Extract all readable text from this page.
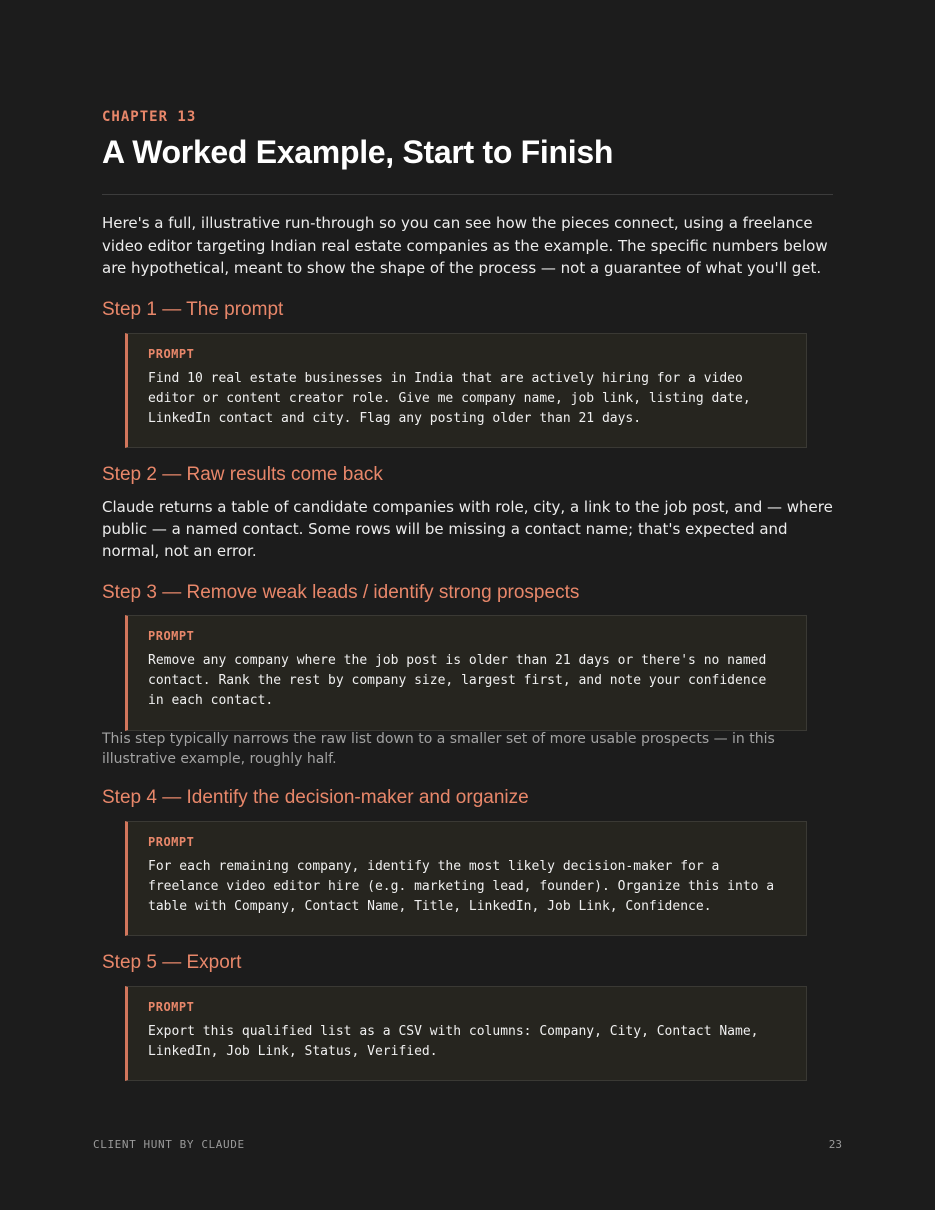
CHAPTER 13
A Worked Example, Start to Finish

Here's a full, illustrative run-through so you can see how the pieces connect, using a freelance video editor targeting Indian real estate companies as the example. The specific numbers below are hypothetical, meant to show the shape of the process — not a guarantee of what you'll get.

Step 1 — The prompt
PROMPT
Find 10 real estate businesses in India that are actively hiring for a video editor or content creator role. Give me company name, job link, listing date, LinkedIn contact and city. Flag any posting older than 21 days.
Step 2 — Raw results come back

Claude returns a table of candidate companies with role, city, a link to the job post, and — where public — a named contact. Some rows will be missing a contact name; that's expected and normal, not an error.

Step 3 — Remove weak leads / identify strong prospects
PROMPT
Remove any company where the job post is older than 21 days or there's no named contact. Rank the rest by company size, largest first, and note your confidence in each contact.

This step typically narrows the raw list down to a smaller set of more usable prospects — in this illustrative example, roughly half.

Step 4 — Identify the decision-maker and organize
PROMPT
For each remaining company, identify the most likely decision-maker for a freelance video editor hire (e.g. marketing lead, founder). Organize this into a table with Company, Contact Name, Title, LinkedIn, Job Link, Confidence.
Step 5 — Export
PROMPT
Export this qualified list as a CSV with columns: Company, City, Contact Name, LinkedIn, Job Link, Status, Verified.
CLIENT HUNT BY CLAUDE	23
